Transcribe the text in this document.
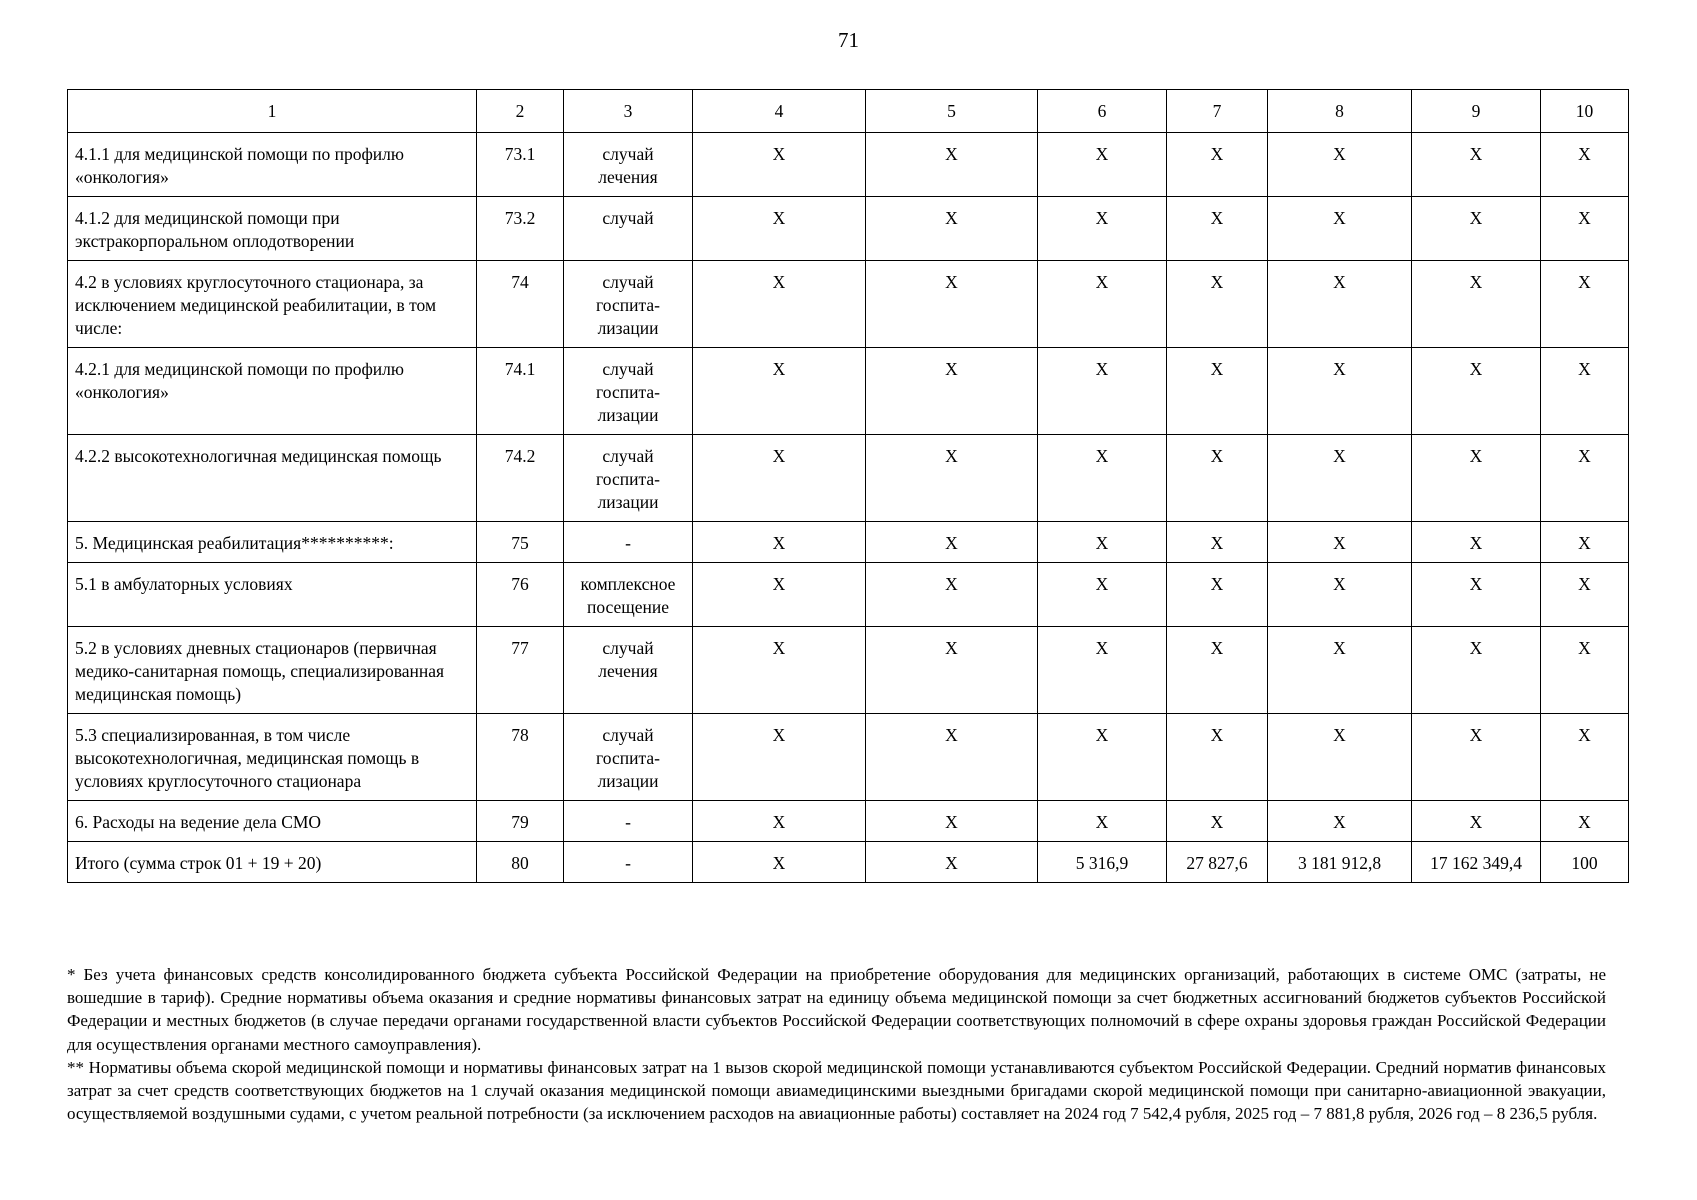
71
1	2	3	4	5	6	7	8	9	10
4.1.1 для медицинской помощи по профилю «онкология»	73.1	случай лечения	X	X	X	X	X	X	X
4.1.2 для медицинской помощи при экстракорпоральном оплодотворении	73.2	случай	X	X	X	X	X	X	X
4.2 в условиях круглосуточного стационара, за исключением медицинской реабилитации, в том числе:	74	случай госпита-лизации	X	X	X	X	X	X	X
4.2.1 для медицинской помощи по профилю «онкология»	74.1	случай госпита-лизации	X	X	X	X	X	X	X
4.2.2 высокотехнологичная медицинская помощь	74.2	случай госпита-лизации	X	X	X	X	X	X	X
5. Медицинская реабилитация**********:	75	-	X	X	X	X	X	X	X
5.1 в амбулаторных условиях	76	комплексное посещение	X	X	X	X	X	X	X
5.2 в условиях дневных стационаров (первичная медико-санитарная помощь, специализированная медицинская помощь)	77	случай лечения	X	X	X	X	X	X	X
5.3 специализированная, в том числе высокотехнологичная, медицинская помощь в условиях круглосуточного стационара	78	случай госпита-лизации	X	X	X	X	X	X	X
6. Расходы на ведение дела СМО	79	-	X	X	X	X	X	X	X
Итого (сумма строк 01 + 19 + 20)	80	-	X	X	5 316,9	27 827,6	3 181 912,8	17 162 349,4	100

* Без учета финансовых средств консолидированного бюджета субъекта Российской Федерации на приобретение оборудования для медицинских организаций, работающих в системе ОМС (затраты, не вошедшие в тариф). Средние нормативы объема оказания и средние нормативы финансовых затрат на единицу объема медицинской помощи за счет бюджетных ассигнований бюджетов субъектов Российской Федерации и местных бюджетов (в случае передачи органами государственной власти субъектов Российской Федерации соответствующих полномочий в сфере охраны здоровья граждан Российской Федерации для осуществления органами местного самоуправления).

** Нормативы объема скорой медицинской помощи и нормативы финансовых затрат на 1 вызов скорой медицинской помощи устанавливаются субъектом Российской Федерации. Средний норматив финансовых затрат за счет средств соответствующих бюджетов на 1 случай оказания медицинской помощи авиамедицинскими выездными бригадами скорой медицинской помощи при санитарно-авиационной эвакуации, осуществляемой воздушными судами, с учетом реальной потребности (за исключением расходов на авиационные работы) составляет на 2024 год 7 542,4 рубля, 2025 год – 7 881,8 рубля, 2026 год – 8 236,5 рубля.
